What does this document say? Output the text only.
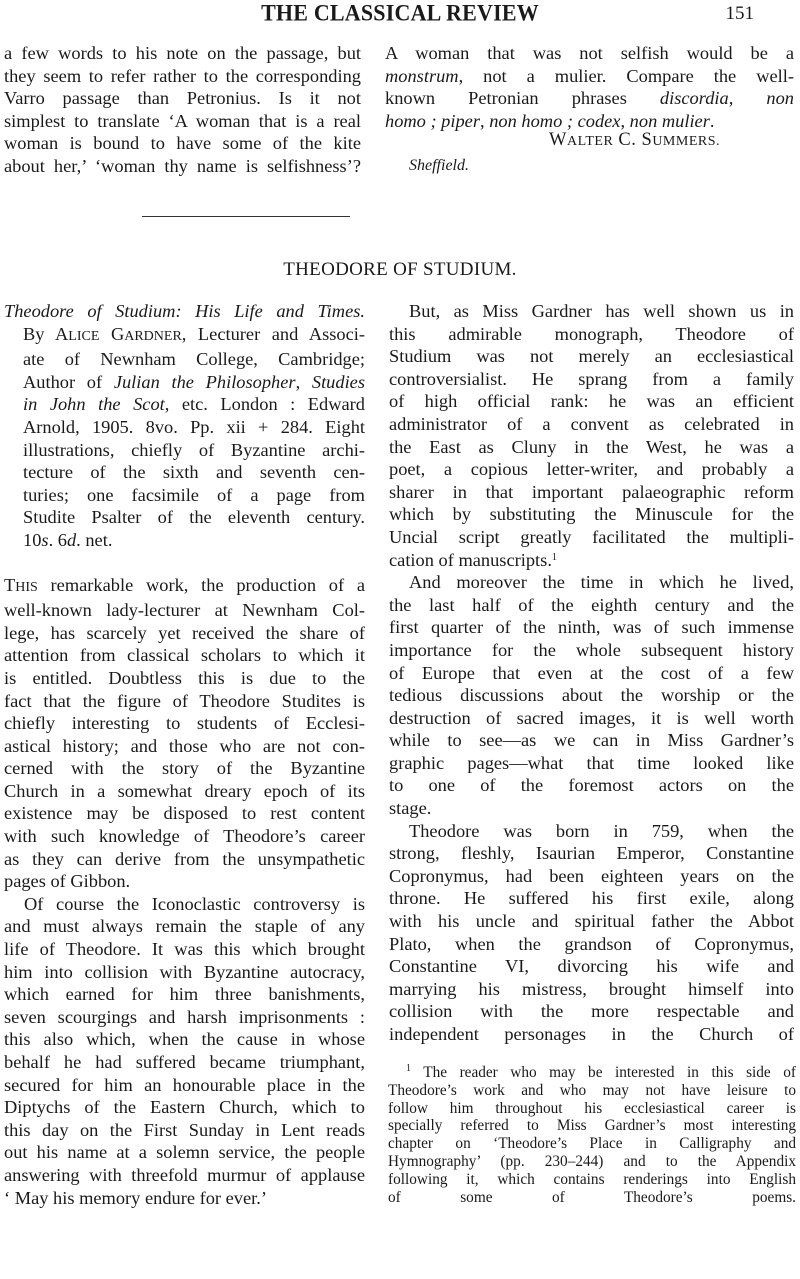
THE CLASSICAL REVIEW	151
a few words to his note on the passage, but
they seem to refer rather to the corresponding
Varro passage than Petronius. Is it not
simplest to translate ‘A woman that is a real
woman is bound to have some of the kite
about her,’ ‘woman thy name is selfishness’?
A woman that was not selfish would be a
monstrum, not a mulier. Compare the well-
known Petronian phrases discordia, non
homo ; piper, non homo ; codex, non mulier.
WALTER C. SUMMERS.
Sheffield.
THEODORE OF STUDIUM.
Theodore of Studium: His Life and Times.
By ALICE GARDNER, Lecturer and Associ-
ate of Newnham College, Cambridge;
Author of Julian the Philosopher, Studies
in John the Scot, etc. London : Edward
Arnold, 1905. 8vo. Pp. xii + 284. Eight
illustrations, chiefly of Byzantine archi-
tecture of the sixth and seventh cen-
turies; one facsimile of a page from
Studite Psalter of the eleventh century.
10s. 6d. net.
THIS remarkable work, the production of a
well-known lady-lecturer at Newnham Col-
lege, has scarcely yet received the share of
attention from classical scholars to which it
is entitled. Doubtless this is due to the
fact that the figure of Theodore Studites is
chiefly interesting to students of Ecclesi-
astical history; and those who are not con-
cerned with the story of the Byzantine
Church in a somewhat dreary epoch of its
existence may be disposed to rest content
with such knowledge of Theodore’s career
as they can derive from the unsympathetic
pages of Gibbon.
Of course the Iconoclastic controversy is
and must always remain the staple of any
life of Theodore. It was this which brought
him into collision with Byzantine autocracy,
which earned for him three banishments,
seven scourgings and harsh imprisonments :
this also which, when the cause in whose
behalf he had suffered became triumphant,
secured for him an honourable place in the
Diptychs of the Eastern Church, which to
this day on the First Sunday in Lent reads
out his name at a solemn service, the people
answering with threefold murmur of applause
‘ May his memory endure for ever.’
But, as Miss Gardner has well shown us in
this admirable monograph, Theodore of
Studium was not merely an ecclesiastical
controversialist. He sprang from a family
of high official rank: he was an efficient
administrator of a convent as celebrated in
the East as Cluny in the West, he was a
poet, a copious letter-writer, and probably a
sharer in that important palaeographic reform
which by substituting the Minuscule for the
Uncial script greatly facilitated the multipli-
cation of manuscripts.$^1$
And moreover the time in which he lived,
the last half of the eighth century and the
first quarter of the ninth, was of such immense
importance for the whole subsequent history
of Europe that even at the cost of a few
tedious discussions about the worship or the
destruction of sacred images, it is well worth
while to see—as we can in Miss Gardner’s
graphic pages—what that time looked like
to one of the foremost actors on the
stage.
Theodore was born in 759, when the
strong, fleshly, Isaurian Emperor, Constantine
Copronymus, had been eighteen years on the
throne. He suffered his first exile, along
with his uncle and spiritual father the Abbot
Plato, when the grandson of Copronymus,
Constantine VI, divorcing his wife and
marrying his mistress, brought himself into
collision with the more respectable and
independent personages in the Church of
$^1$ The reader who may be interested in this side of
Theodore’s work and who may not have leisure to
follow him throughout his ecclesiastical career is
specially referred to Miss Gardner’s most interesting
chapter on ‘Theodore’s Place in Calligraphy and
Hymnography’ (pp. 230–244) and to the Appendix
following it, which contains renderings into English
of some of Theodore’s poems.
